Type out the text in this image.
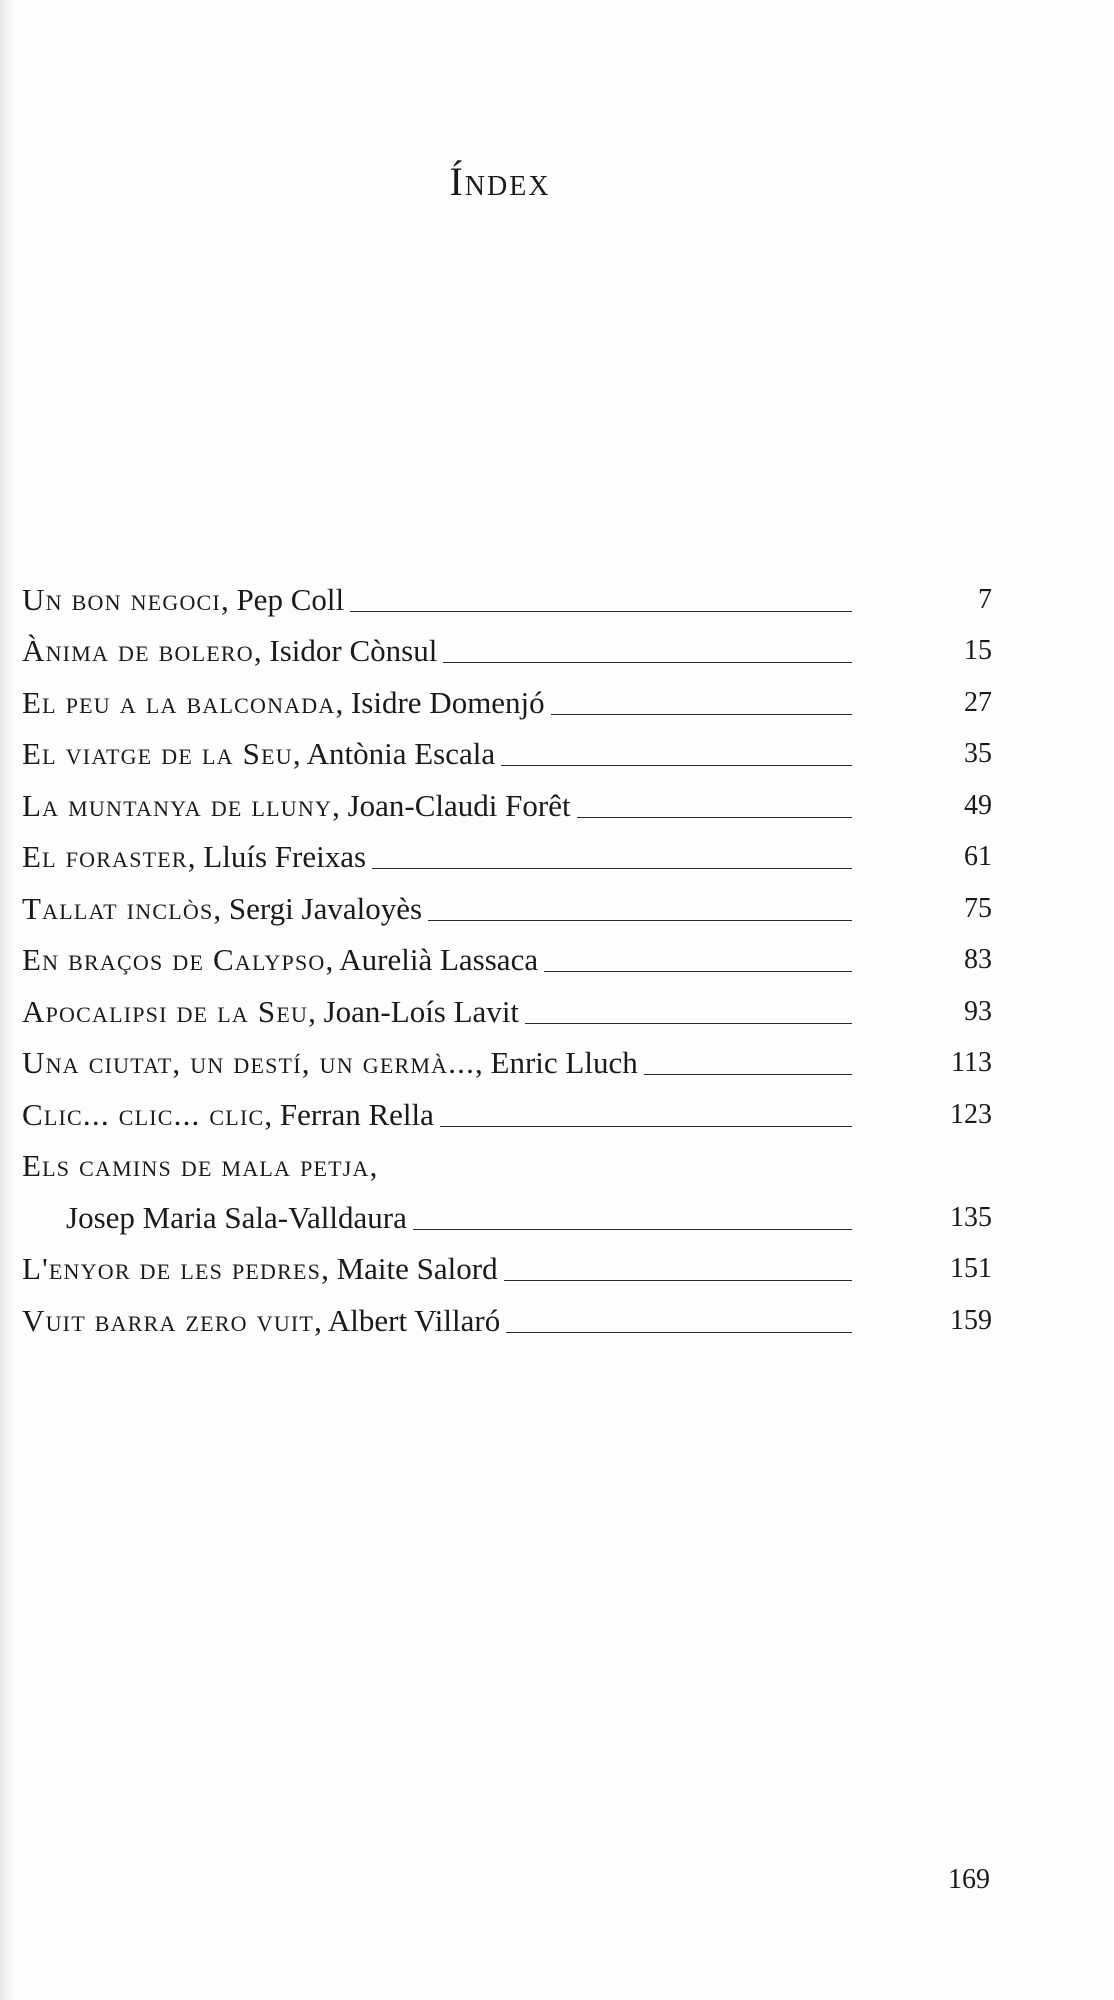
Índex
Un bon negoci, Pep Coll	7
Ànima de bolero, Isidor Cònsul	15
El peu a la balconada, Isidre Domenjó	27
El viatge de la Seu, Antònia Escala	35
La muntanya de lluny, Joan-Claudi Forêt	49
El foraster, Lluís Freixas	61
Tallat inclòs, Sergi Javaloyès	75
En braços de Calypso, Aurelià Lassaca	83
Apocalipsi de la Seu, Joan-Loís Lavit	93
Una ciutat, un destí, un germà..., Enric Lluch	113
Clic... clic... clic, Ferran Rella	123
Els camins de mala petja,
Josep Maria Sala-Valldaura	135
L'enyor de les pedres, Maite Salord	151
Vuit barra zero vuit, Albert Villaró	159
169
